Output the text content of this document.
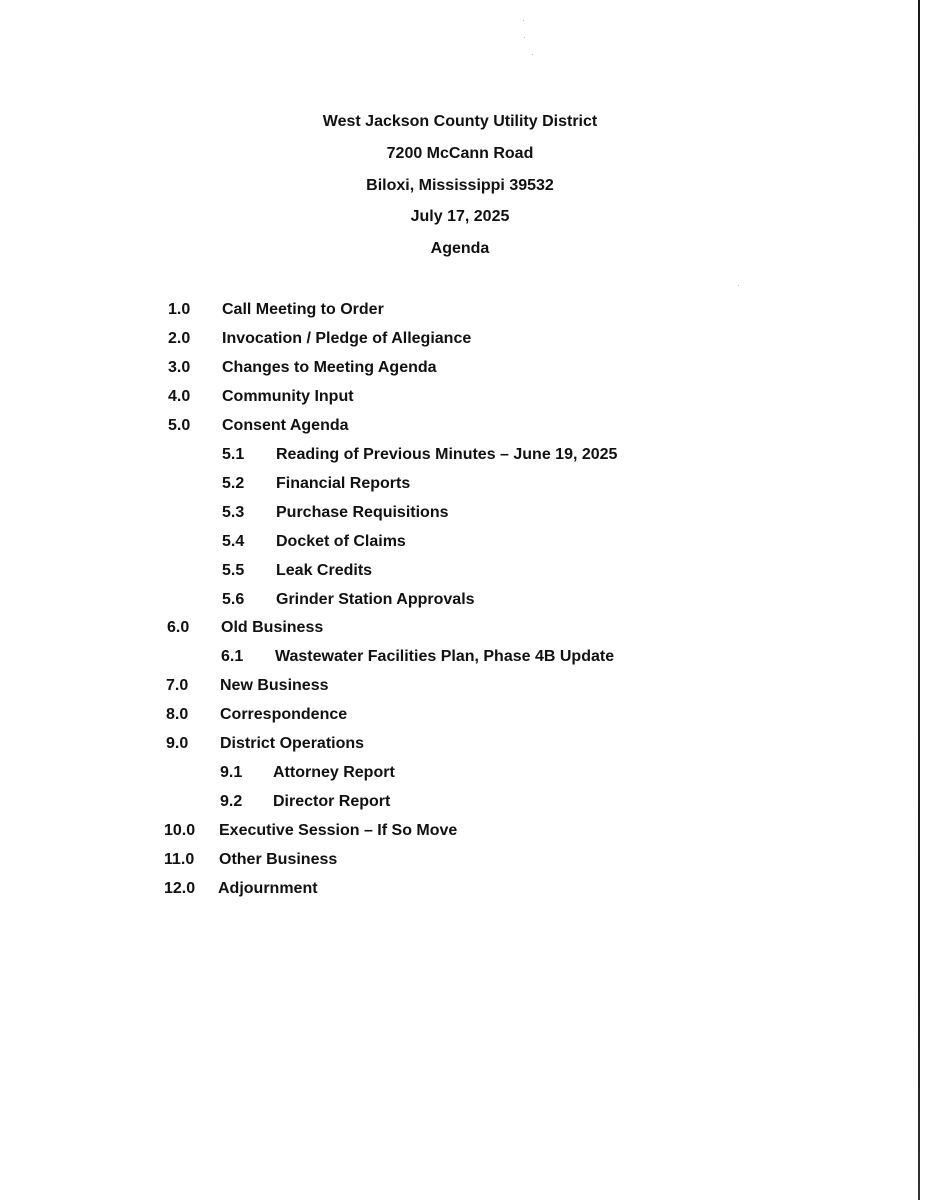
West Jackson County Utility District
7200 McCann Road
Biloxi, Mississippi 39532
July 17, 2025
Agenda
1.0 Call Meeting to Order
2.0 Invocation / Pledge of Allegiance
3.0 Changes to Meeting Agenda
4.0 Community Input
5.0 Consent Agenda
5.1 Reading of Previous Minutes – June 19, 2025
5.2 Financial Reports
5.3 Purchase Requisitions
5.4 Docket of Claims
5.5 Leak Credits
5.6 Grinder Station Approvals
6.0 Old Business
6.1 Wastewater Facilities Plan, Phase 4B Update
7.0 New Business
8.0 Correspondence
9.0 District Operations
9.1 Attorney Report
9.2 Director Report
10.0 Executive Session – If So Move
11.0 Other Business
12.0 Adjournment
